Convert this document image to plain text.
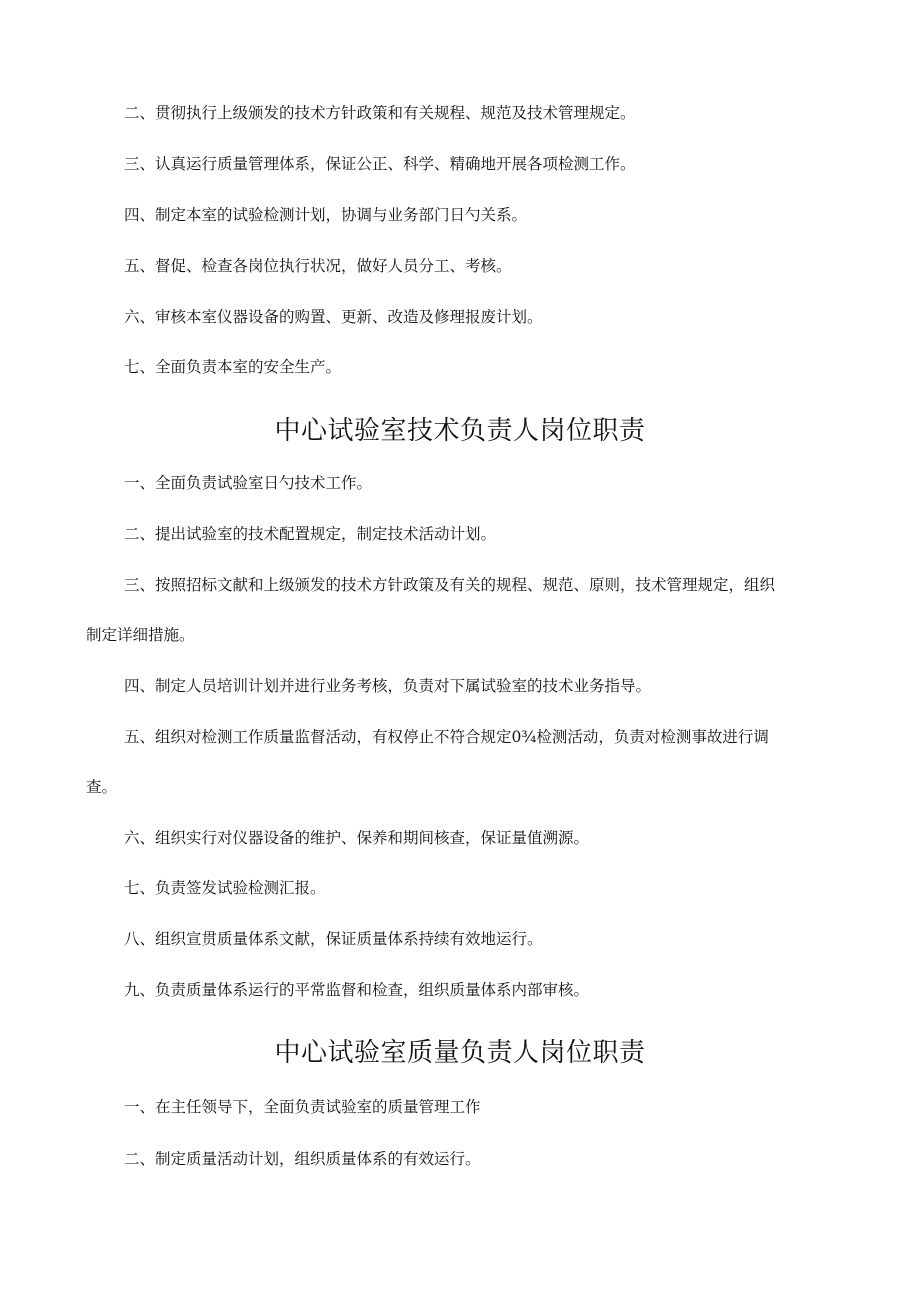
二、贯彻执行上级颁发的技术方针政策和有关规程、规范及技术管理规定。
三、认真运行质量管理体系，保证公正、科学、精确地开展各项检测工作。
四、制定本室的试验检测计划，协调与业务部门日勺关系。
五、督促、检查各岗位执行状况，做好人员分工、考核。
六、审核本室仪器设备的购置、更新、改造及修理报废计划。
七、全面负责本室的安全生产。
中心试验室技术负责人岗位职责
一、全面负责试验室日勺技术工作。
二、提出试验室的技术配置规定，制定技术活动计划。
三、按照招标文献和上级颁发的技术方针政策及有关的规程、规范、原则，技术管理规定，组织
制定详细措施。
四、制定人员培训计划并进行业务考核，负责对下属试验室的技术业务指导。
五、组织对检测工作质量监督活动，有权停止不符合规定0¾检测活动，负责对检测事故进行调
查。
六、组织实行对仪器设备的维护、保养和期间核查，保证量值溯源。
七、负责签发试验检测汇报。
八、组织宣贯质量体系文献，保证质量体系持续有效地运行。
九、负责质量体系运行的平常监督和检查，组织质量体系内部审核。
中心试验室质量负责人岗位职责
一、在主任领导下，全面负责试验室的质量管理工作
二、制定质量活动计划，组织质量体系的有效运行。
